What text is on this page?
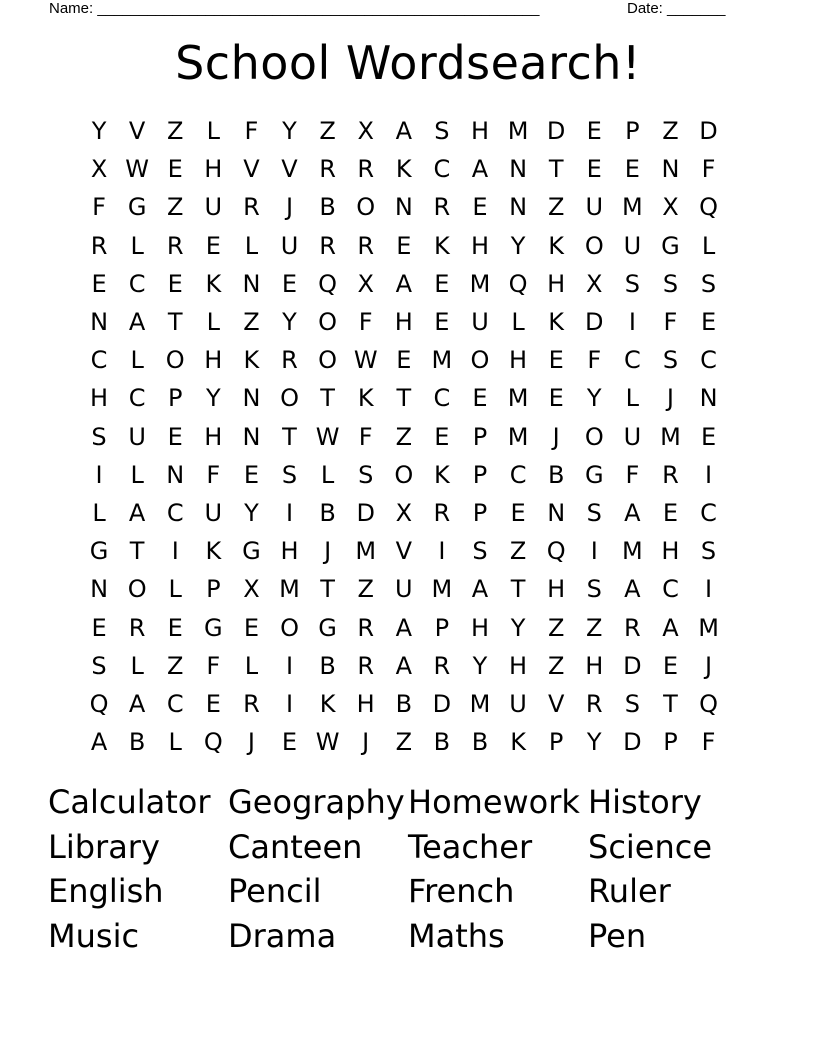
Name: _____________________________________________________	Date: _______
School Wordsearch!
Y V Z L	F Y Z X A S H M D E P Z D
X W E H V V R R K C A N T E E N F
F G Z U R	J	B O N R E N Z U M X Q
R L R E L U R R E K H Y K O U G L
E C E K N E Q X A E M Q H X S S S
N A T	L Z Y O F H E U L K D	I	F E
C L O H K R O W E M O H E F C S C
H C P Y N O T K T C E M E Y	L	J	N
S U E H N T W F Z E P M	J	O U M E
I	L N F E S L S O K P C B G F R	I
L A C U Y	I	B D X R P E N S A E C
G T	I	K G H	J	M V	I	S Z Q	I	M H S
N O L	P X M T Z U M A T H S A C	I
E R E G E O G R A P H Y Z Z R A M
S L Z F	L	I	B R A R Y H Z H D E	J
Q A C E R	I	K H B D M U V R S T Q
A B L Q	J	E W J	Z B B K P Y D P F
Calculator Geography Homework History
Library	Canteen	Teacher	Science
English	Pencil	French	Ruler
Music	Drama	Maths	Pen
